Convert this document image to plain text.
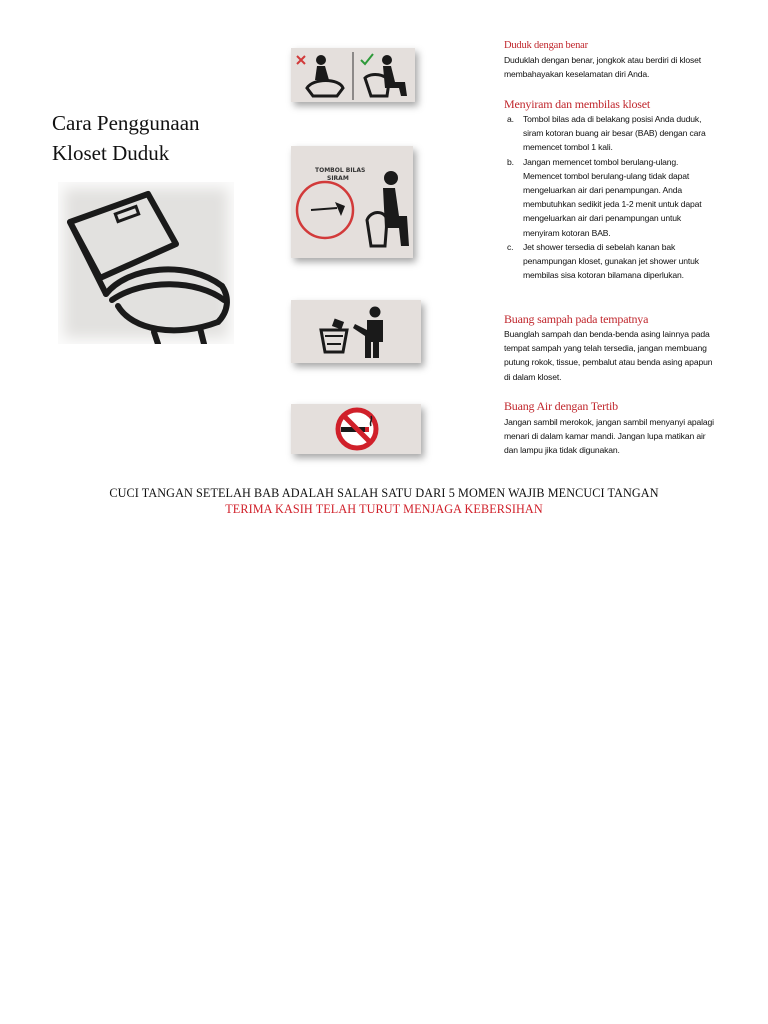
Cara Penggunaan
Kloset Duduk
TOMBOL BILAS
SIRAM
Duduk dengan benar
Duduklah dengan benar, jongkok atau berdiri di kloset membahayakan keselamatan diri Anda.
Menyiram dan membilas kloset
a. Tombol bilas ada di belakang posisi Anda duduk, siram kotoran buang air besar (BAB) dengan cara memencet tombol 1 kali.
b. Jangan memencet tombol berulang-ulang. Memencet tombol berulang-ulang tidak dapat mengeluarkan air dari penampungan. Anda membutuhkan sedikit jeda 1-2 menit untuk dapat mengeluarkan air dari penampungan untuk menyiram kotoran BAB.
c. Jet shower tersedia di sebelah kanan bak penampungan kloset, gunakan jet shower untuk membilas sisa kotoran bilamana diperlukan.
Buang sampah pada tempatnya
Buanglah sampah dan benda-benda asing lainnya pada tempat sampah yang telah tersedia, jangan membuang putung rokok, tissue, pembalut atau benda asing apapun di dalam kloset.
Buang Air dengan Tertib
Jangan sambil merokok, jangan sambil menyanyi apalagi menari di dalam kamar mandi. Jangan lupa matikan air dan lampu jika tidak digunakan.
CUCI TANGAN SETELAH BAB ADALAH SALAH SATU DARI 5 MOMEN WAJIB MENCUCI TANGAN
TERIMA KASIH TELAH TURUT MENJAGA KEBERSIHAN
